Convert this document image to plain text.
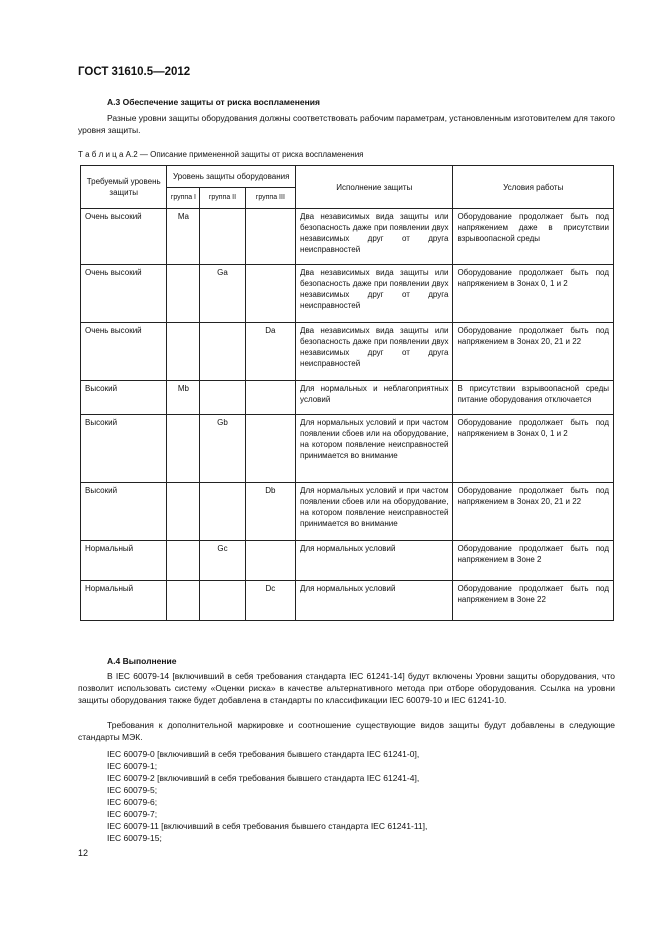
ГОСТ 31610.5—2012
А.3 Обеспечение защиты от риска воспламенения
Разные уровни защиты оборудования должны соответствовать рабочим параметрам, установленным изготовителем для такого уровня защиты.
Т а б л и ц а А.2 — Описание примененной защиты от риска воспламенения
Требуемый уровень защиты	Уровень защиты оборудования			Исполнение защиты	Условия работы
	группа I	группа II	группа III		
Очень высокий	Ma			Два независимых вида защиты или безопасность даже при появлении двух независимых друг от друга неисправностей	Оборудование продолжает быть под напряжением даже в присутствии взрывоопасной среды
Очень высокий		Ga		Два независимых вида защиты или безопасность даже при появлении двух независимых друг от друга неисправностей	Оборудование продолжает быть под напряжением в Зонах 0, 1 и 2
Очень высокий			Da	Два независимых вида защиты или безопасность даже при появлении двух независимых друг от друга неисправностей	Оборудование продолжает быть под напряжением в Зонах 20, 21 и 22
Высокий	Mb			Для нормальных и неблагоприятных условий	В присутствии взрывоопасной среды питание оборудования отключается
Высокий		Gb		Для нормальных условий и при частом появлении сбоев или на оборудование, на котором появление неисправностей принимается во внимание	Оборудование продолжает быть под напряжением в Зонах 0, 1 и 2
Высокий			Db	Для нормальных условий и при частом появлении сбоев или на оборудование, на котором появление неисправностей принимается во внимание	Оборудование продолжает быть под напряжением в Зонах 20, 21 и 22
Нормальный		Gc		Для нормальных условий	Оборудование продолжает быть под напряжением в Зоне 2
Нормальный			Dc	Для нормальных условий	Оборудование продолжает быть под напряжением в Зоне 22
А.4 Выполнение
В IEC 60079-14 [включивший в себя требования стандарта IEC 61241-14] будут включены Уровни защиты оборудования, что позволит использовать систему «Оценки риска» в качестве альтернативного метода при отборе оборудования. Ссылка на уровни защиты оборудования также будет добавлена в стандарты по классификации IEC 60079-10 и IEC 61241-10.
Требования к дополнительной маркировке и соотношение существующие видов защиты будут добавлены в следующие стандарты МЭК.
IEC 60079-0 [включивший в себя требования бывшего стандарта IEC 61241-0],
IEC 60079-1;
IEC 60079-2 [включивший в себя требования бывшего стандарта IEC 61241-4],
IEC 60079-5;
IEC 60079-6;
IEC 60079-7;
IEC 60079-11 [включивший в себя требования бывшего стандарта IEC 61241-11],
IEC 60079-15;
12
